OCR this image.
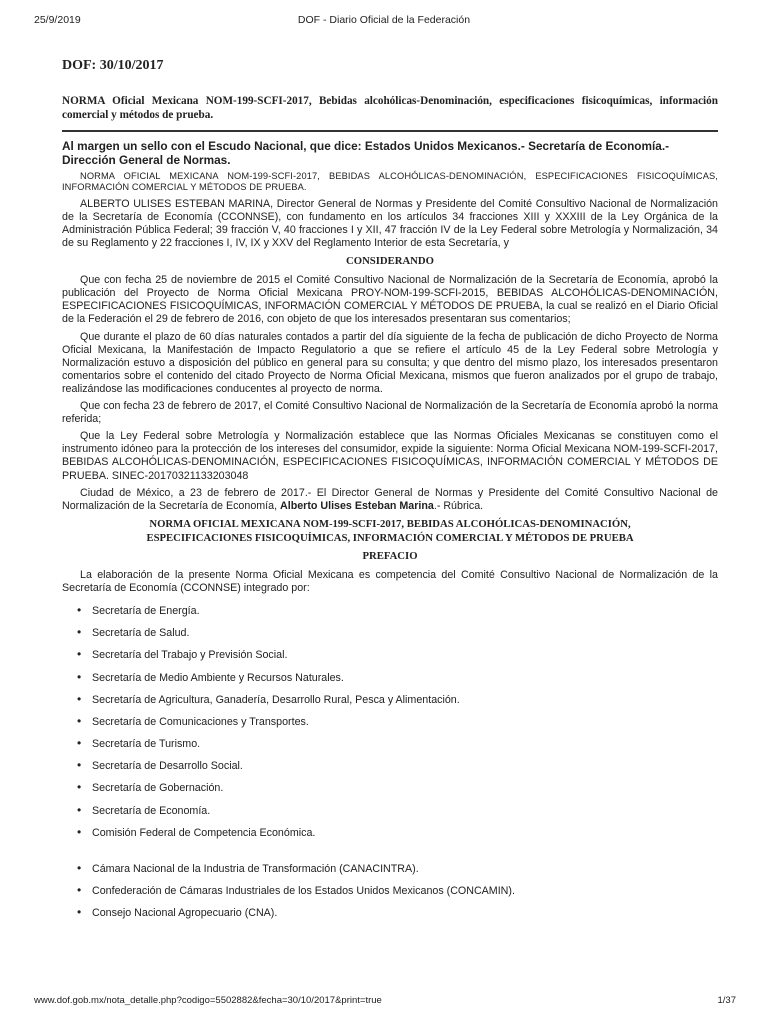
25/9/2019	DOF - Diario Oficial de la Federación
DOF: 30/10/2017
NORMA Oficial Mexicana NOM-199-SCFI-2017, Bebidas alcohólicas-Denominación, especificaciones fisicoquímicas, información comercial y métodos de prueba.
Al margen un sello con el Escudo Nacional, que dice: Estados Unidos Mexicanos.- Secretaría de Economía.- Dirección General de Normas.

NORMA OFICIAL MEXICANA NOM-199-SCFI-2017, BEBIDAS ALCOHÓLICAS-DENOMINACIÓN, ESPECIFICACIONES FISICOQUÍMICAS, INFORMACIÓN COMERCIAL Y MÉTODOS DE PRUEBA.

ALBERTO ULISES ESTEBAN MARINA, Director General de Normas y Presidente del Comité Consultivo Nacional de Normalización de la Secretaría de Economía (CCONNSE), con fundamento en los artículos 34 fracciones XIII y XXXIII de la Ley Orgánica de la Administración Pública Federal; 39 fracción V, 40 fracciones I y XII, 47 fracción IV de la Ley Federal sobre Metrología y Normalización, 34 de su Reglamento y 22 fracciones I, IV, IX y XXV del Reglamento Interior de esta Secretaría, y

CONSIDERANDO

Que con fecha 25 de noviembre de 2015 el Comité Consultivo Nacional de Normalización de la Secretaría de Economía, aprobó la publicación del Proyecto de Norma Oficial Mexicana PROY-NOM-199-SCFI-2015, BEBIDAS ALCOHÓLICAS-DENOMINACIÓN, ESPECIFICACIONES FISICOQUÍMICAS, INFORMACIÓN COMERCIAL Y MÉTODOS DE PRUEBA, la cual se realizó en el Diario Oficial de la Federación el 29 de febrero de 2016, con objeto de que los interesados presentaran sus comentarios;

Que durante el plazo de 60 días naturales contados a partir del día siguiente de la fecha de publicación de dicho Proyecto de Norma Oficial Mexicana, la Manifestación de Impacto Regulatorio a que se refiere el artículo 45 de la Ley Federal sobre Metrología y Normalización estuvo a disposición del público en general para su consulta; y que dentro del mismo plazo, los interesados presentaron comentarios sobre el contenido del citado Proyecto de Norma Oficial Mexicana, mismos que fueron analizados por el grupo de trabajo, realizándose las modificaciones conducentes al proyecto de norma.

Que con fecha 23 de febrero de 2017, el Comité Consultivo Nacional de Normalización de la Secretaría de Economía aprobó la norma referida;

Que la Ley Federal sobre Metrología y Normalización establece que las Normas Oficiales Mexicanas se constituyen como el instrumento idóneo para la protección de los intereses del consumidor, expide la siguiente: Norma Oficial Mexicana NOM-199-SCFI-2017, BEBIDAS ALCOHÓLICAS-DENOMINACIÓN, ESPECIFICACIONES FISICOQUÍMICAS, INFORMACIÓN COMERCIAL Y MÉTODOS DE PRUEBA. SINEC-20170321133203048

Ciudad de México, a 23 de febrero de 2017.- El Director General de Normas y Presidente del Comité Consultivo Nacional de Normalización de la Secretaría de Economía, Alberto Ulises Esteban Marina.- Rúbrica.

NORMA OFICIAL MEXICANA NOM-199-SCFI-2017, BEBIDAS ALCOHÓLICAS-DENOMINACIÓN,
ESPECIFICACIONES FISICOQUÍMICAS, INFORMACIÓN COMERCIAL Y MÉTODOS DE PRUEBA
PREFACIO

La elaboración de la presente Norma Oficial Mexicana es competencia del Comité Consultivo Nacional de Normalización de la Secretaría de Economía (CCONNSE) integrado por:

• Secretaría de Energía.
• Secretaría de Salud.
• Secretaría del Trabajo y Previsión Social.
• Secretaría de Medio Ambiente y Recursos Naturales.
• Secretaría de Agricultura, Ganadería, Desarrollo Rural, Pesca y Alimentación.
• Secretaría de Comunicaciones y Transportes.
• Secretaría de Turismo.
• Secretaría de Desarrollo Social.
• Secretaría de Gobernación.
• Secretaría de Economía.
• Comisión Federal de Competencia Económica.
• Cámara Nacional de la Industria de Transformación (CANACINTRA).
• Confederación de Cámaras Industriales de los Estados Unidos Mexicanos (CONCAMIN).
• Consejo Nacional Agropecuario (CNA).
www.dof.gob.mx/nota_detalle.php?codigo=5502882&fecha=30/10/2017&print=true	1/37
